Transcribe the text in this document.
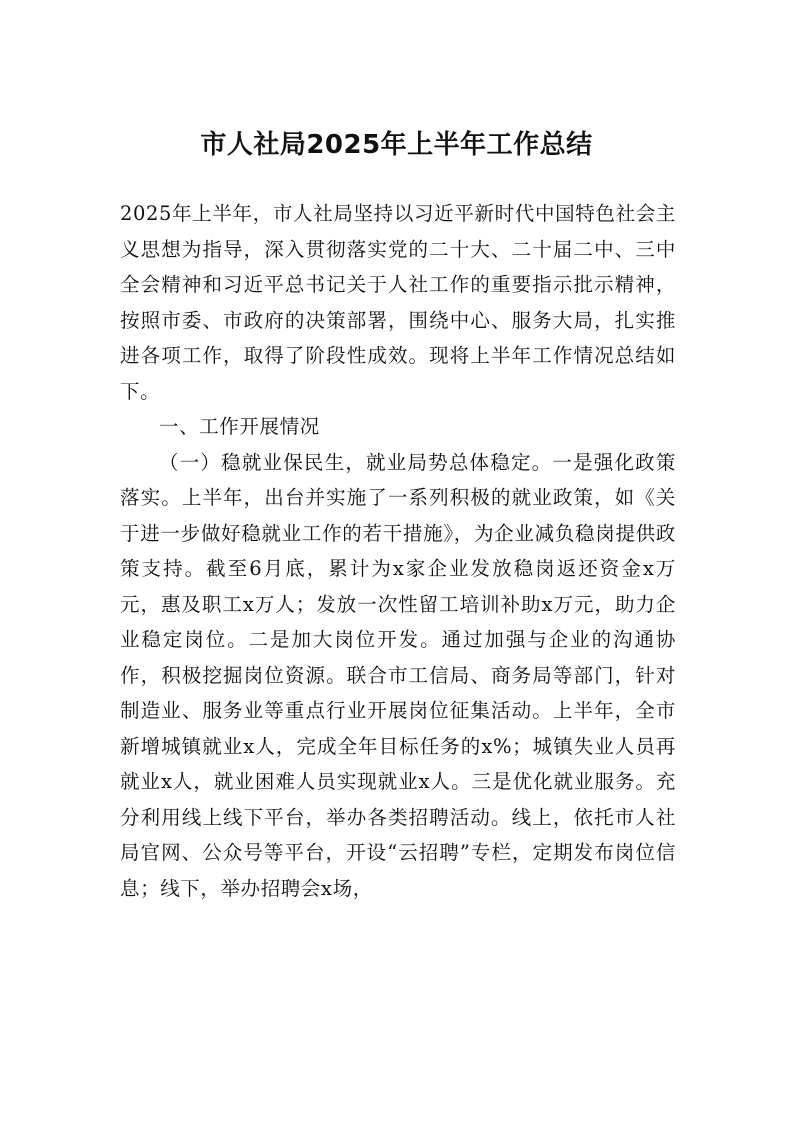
市人社局2025年上半年工作总结

2025年上半年，市人社局坚持以习近平新时代中国特色社会主义思想为指导，深入贯彻落实党的二十大、二十届二中、三中全会精神和习近平总书记关于人社工作的重要指示批示精神，按照市委、市政府的决策部署，围绕中心、服务大局，扎实推进各项工作，取得了阶段性成效。现将上半年工作情况总结如下。

一、工作开展情况

（一）稳就业保民生，就业局势总体稳定。一是强化政策落实。上半年，出台并实施了一系列积极的就业政策，如《关于进一步做好稳就业工作的若干措施》，为企业减负稳岗提供政策支持。截至6月底，累计为x家企业发放稳岗返还资金x万元，惠及职工x万人；发放一次性留工培训补助x万元，助力企业稳定岗位。二是加大岗位开发。通过加强与企业的沟通协作，积极挖掘岗位资源。联合市工信局、商务局等部门，针对制造业、服务业等重点行业开展岗位征集活动。上半年，全市新增城镇就业x人，完成全年目标任务的x%；城镇失业人员再就业x人，就业困难人员实现就业x人。三是优化就业服务。充分利用线上线下平台，举办各类招聘活动。线上，依托市人社局官网、公众号等平台，开设“云招聘”专栏，定期发布岗位信息；线下，举办招聘会x场，
